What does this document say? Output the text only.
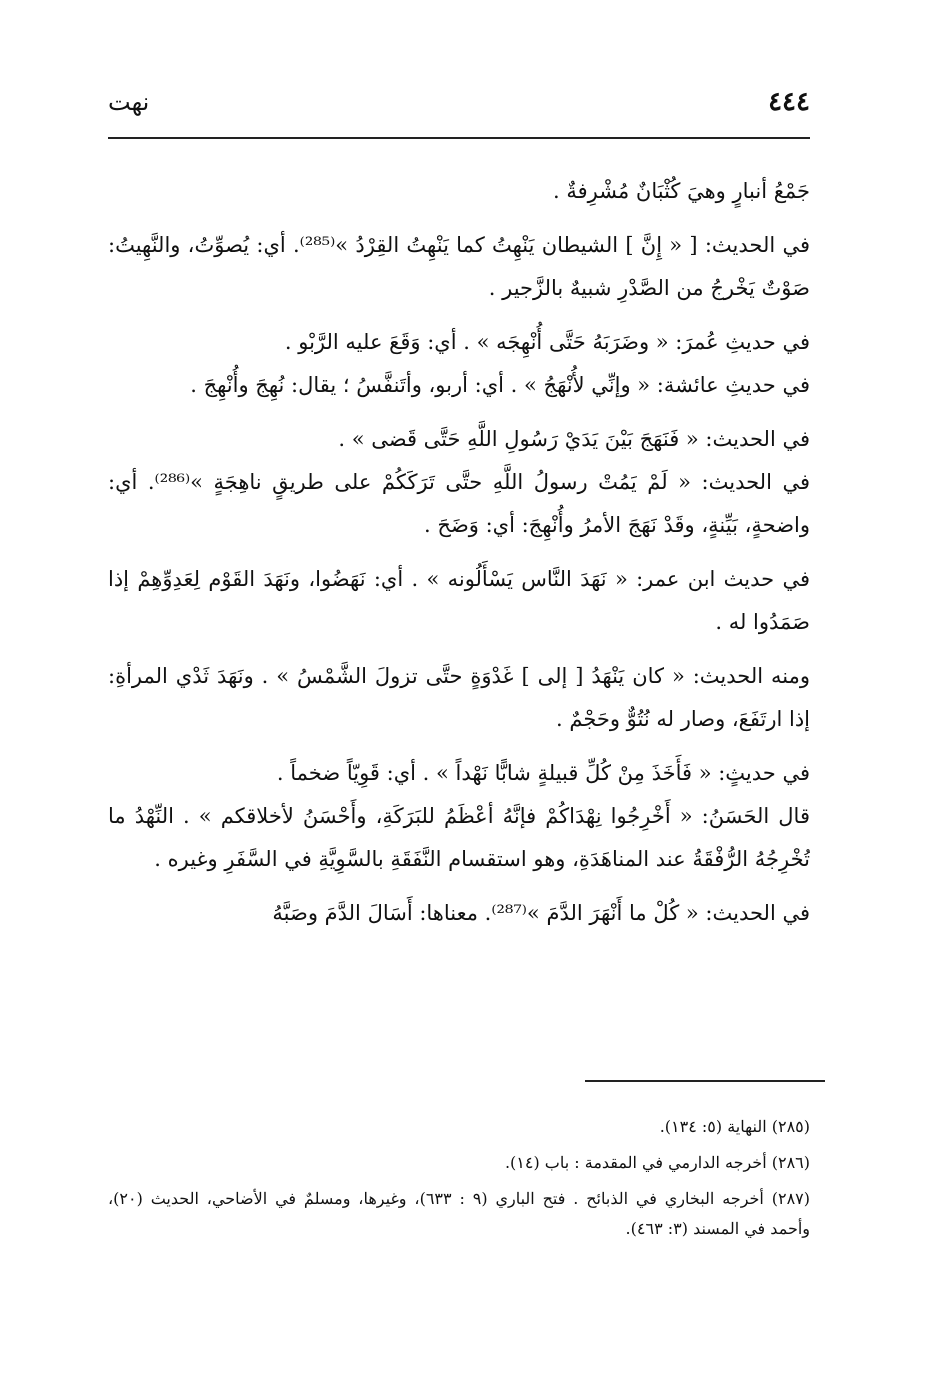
٤٤٤
نهت

جَمْعُ أنبارٍ وهيَ كُثْبَانٌ مُشْرِفةٌ .

في الحديث: [ « إِنَّ ] الشيطان يَنْهِتُ كما يَنْهِتُ القِرْدُ »⁽²⁸⁵⁾. أي: يُصوِّتُ، والنَّهِيتُ: صَوْتٌ يَخْرجُ من الصَّدْرِ شبيهٌ بالزَّجير .

في حديثِ عُمرَ: « وضَرَبَهُ حَتَّى أُنْهِجَه » . أي: وَقَعَ عليه الرَّبْو .

في حديثِ عائشة: « وإنِّي لأُنْهَجُ » . أي: أربو، وأتَنفَّسُ ؛ يقال: نُهِجَ وأُنْهِجَ .

في الحديث: « فَنَهَجَ بَيْنَ يَدَيْ رَسُولِ اللَّهِ حَتَّى قَضى » .

في الحديث: « لَمْ يَمُتْ رسولُ اللَّهِ حتَّى تَرَكَكُمْ على طريقٍ ناهِجَةٍ »⁽²⁸⁶⁾. أي: واضحةٍ، بَيِّنةٍ، وقَدْ نَهَجَ الأمرُ وأُنْهِجَ: أي: وَضَحَ .

في حديث ابن عمر: « نَهَدَ النَّاس يَسْأَلُونه » . أي: نَهَضُوا، ونَهَدَ القَوْم لِعَدِوِّهِمْ إذا صَمَدُوا له .

ومنه الحديث: « كان يَنْهَدُ [ إلى ] غَدْوَةٍ حتَّى تزولَ الشَّمْسُ » . ونَهَدَ ثَدْي المرأةِ: إذا ارتَفَعَ، وصار له نُتُوٌّ وحَجْمٌ .

في حديثٍ: « فَأَخَذَ مِنْ كُلِّ قبيلةٍ شابًّا نَهْداً » . أي: قَوِيّاً ضخماً .

قال الحَسَنُ: « أَخْرِجُوا نِهْدَاكُمْ فإنَّهُ أعْظَمُ للبَرَكَةِ، وأَحْسَنُ لأخلاقكم » . النِّهْدُ ما تُخْرِجُهُ الرُّفْقَةُ عند المناهَدَةِ، وهو استقسام النَّفَقَةِ بالسَّوِيَّةِ في السَّفَرِ وغيره .

في الحديث: « كُلْ ما أَنْهَرَ الدَّمَ »⁽²⁸⁷⁾. معناها: أَسَالَ الدَّمَ وصَبَّهُ

(٢٨٥) النهاية (٥: ١٣٤).

(٢٨٦) أخرجه الدارمي في المقدمة : باب (١٤).

(٢٨٧) أخرجه البخاري في الذبائح . فتح الباري (٩ : ٦٣٣)، وغيرها، ومسلمٌ في الأضاحي، الحديث (٢٠)، وأحمد في المسند (٣: ٤٦٣).
